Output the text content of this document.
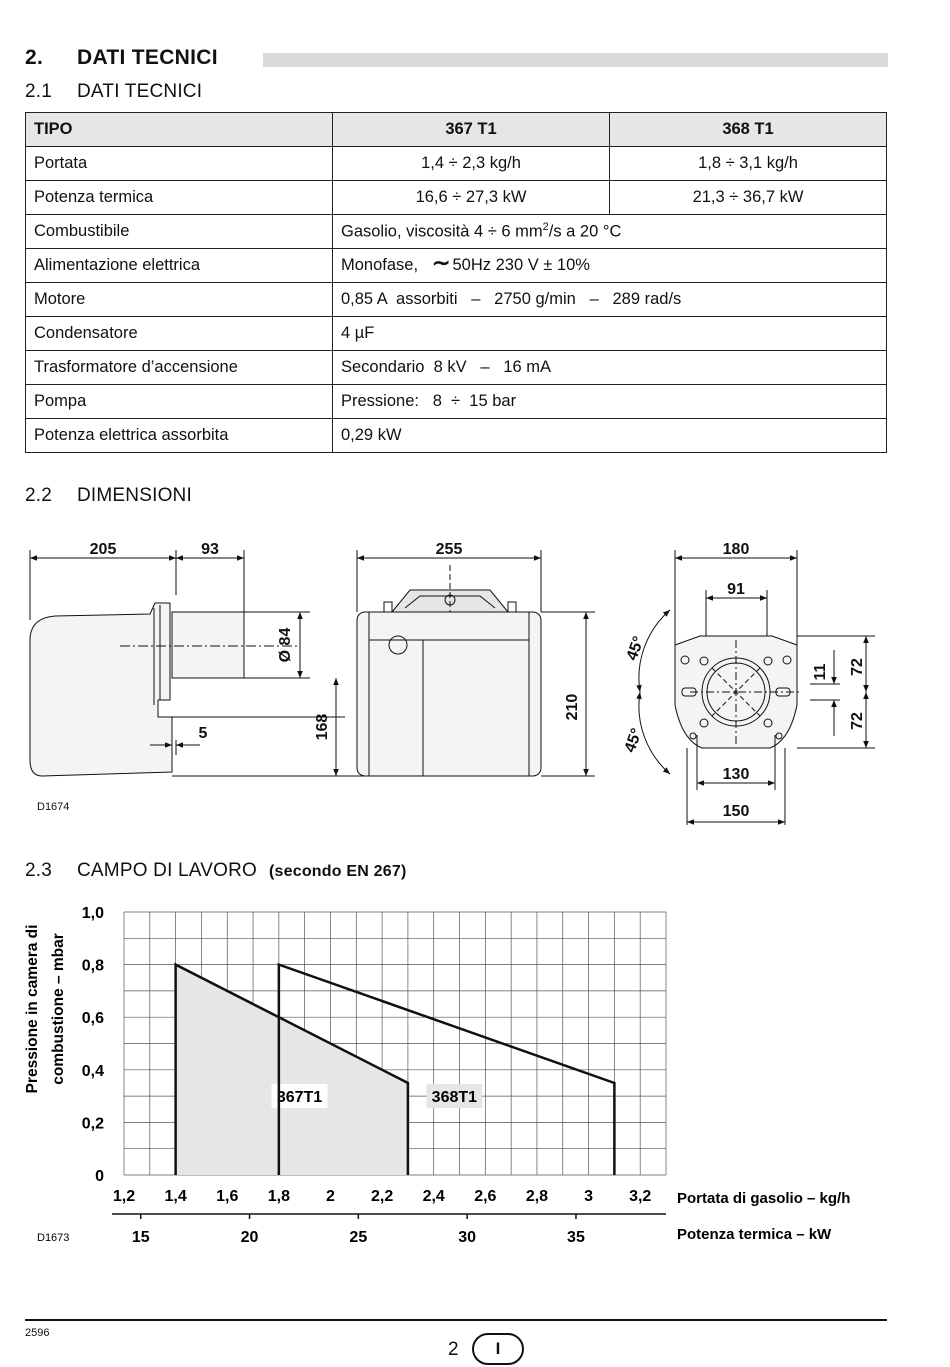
2. DATI TECNICI
2.1 DATI TECNICI
TIPO	367 T1	368 T1
Portata	1,4 ÷ 2,3 kg/h	1,8 ÷ 3,1 kg/h
Potenza termica	16,6 ÷ 27,3 kW	21,3 ÷ 36,7 kW
Combustibile	Gasolio, viscosità 4 ÷ 6 $mm^2/s$ a 20 °C	
Alimentazione elettrica	Monofase, ∼ 50Hz 230 V ± 10%	
Motore	0,85 A  assorbiti   –   2750 g/min   –   289 rad/s	
Condensatore	4 µF	
Trasformatore d’accensione	Secondario  8 kV   –   16 mA	
Pompa	Pressione:   8  ÷  15 bar	
Potenza elettrica assorbita	0,29 kW	
2.2 DIMENSIONI
205	93
Ø 84
168
5
255
210
180
91
11 72
72
130
150
45°
45°
D1674
2.3 CAMPO DI LAVORO (secondo EN 267)
367T1	368T1
0
0,2
0,4
0,6
0,8
1,0
1,2 1,4 1,6 1,8 2 2,2 2,4 2,6 2,8 3 3,2
15	20	25	30	35
Pressione in camera di combustione – mbar
Portata di gasolio – kg/h
Potenza termica – kW
D1673
2596
2	I
